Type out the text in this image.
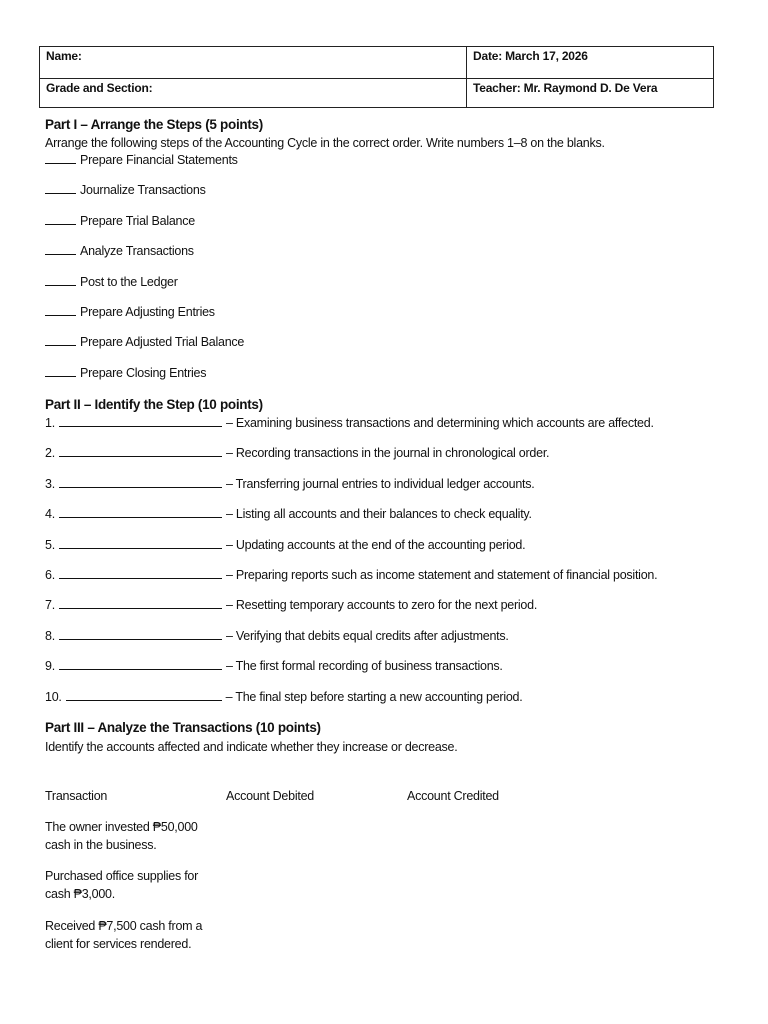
Name:	Date: March 17, 2026
Grade and Section:	Teacher: Mr. Raymond D. De Vera
Part I – Arrange the Steps (5 points)
Arrange the following steps of the Accounting Cycle in the correct order. Write numbers 1–8 on the blanks.
Prepare Financial Statements
Journalize Transactions
Prepare Trial Balance
Analyze Transactions
Post to the Ledger
Prepare Adjusting Entries
Prepare Adjusted Trial Balance
Prepare Closing Entries
Part II – Identify the Step (10 points)
1.	– Examining business transactions and determining which accounts are affected.
2.	– Recording transactions in the journal in chronological order.
3.	– Transferring journal entries to individual ledger accounts.
4.	– Listing all accounts and their balances to check equality.
5.	– Updating accounts at the end of the accounting period.
6.	– Preparing reports such as income statement and statement of financial position.
7.	– Resetting temporary accounts to zero for the next period.
8.	– Verifying that debits equal credits after adjustments.
9.	– The first formal recording of business transactions.
10.	– The final step before starting a new accounting period.
Part III – Analyze the Transactions (10 points)
Identify the accounts affected and indicate whether they increase or decrease.
Transaction	Account Debited	Account Credited
The owner invested ₱50,000 cash in the business.
Purchased office supplies for cash ₱3,000.
Received ₱7,500 cash from a client for services rendered.
